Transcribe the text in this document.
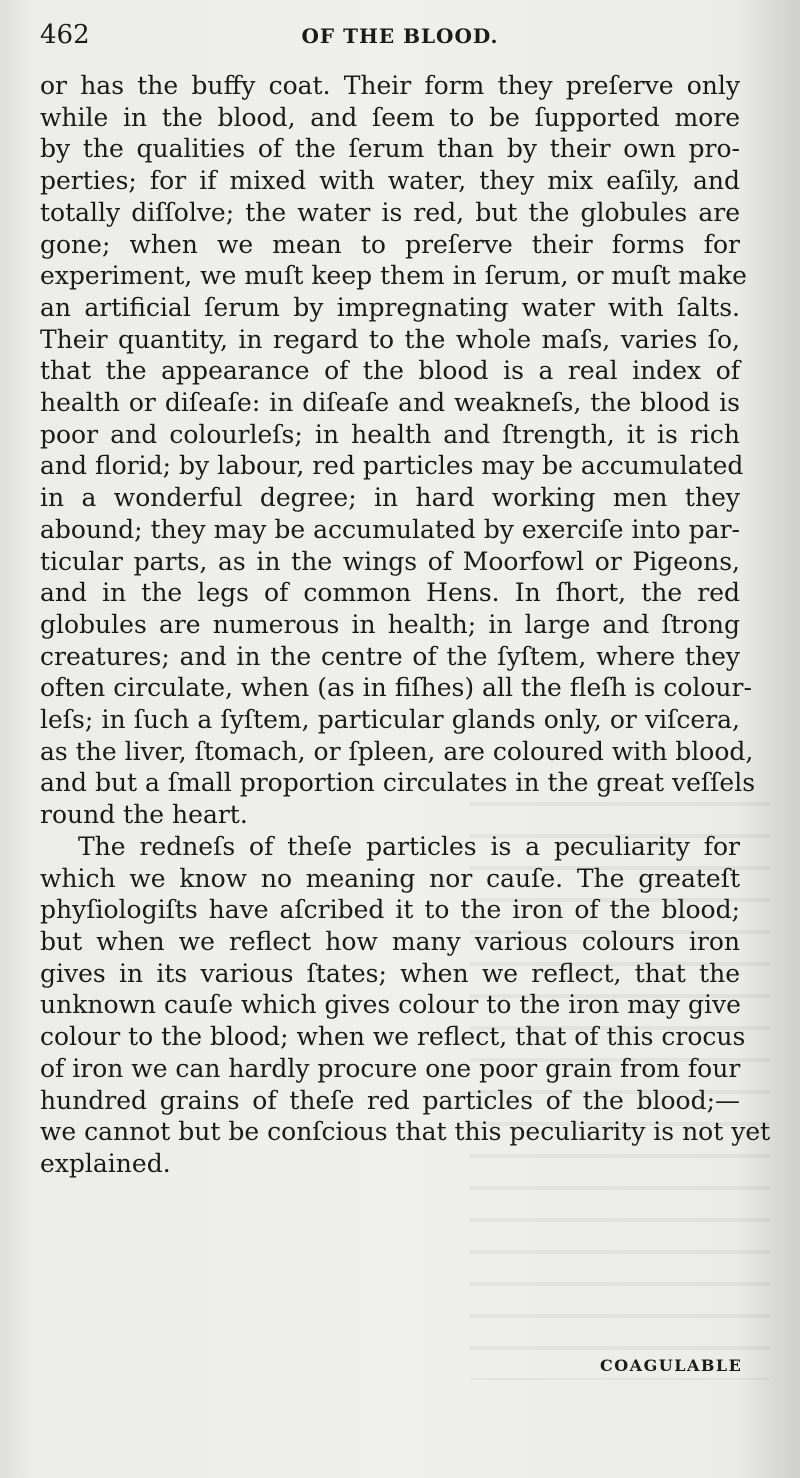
462	OF THE BLOOD.
or has the buffy coat. Their form they preſerve only
while in the blood, and ſeem to be ſupported more
by the qualities of the ſerum than by their own pro-
perties; for if mixed with water, they mix eaſily, and
totally diſſolve; the water is red, but the globules are
gone; when we mean to preſerve their forms for
experiment, we muſt keep them in ſerum, or muſt make
an artificial ſerum by impregnating water with ſalts.
Their quantity, in regard to the whole maſs, varies ſo,
that the appearance of the blood is a real index of
health or diſeaſe: in diſeaſe and weakneſs, the blood is
poor and colourleſs; in health and ſtrength, it is rich
and florid; by labour, red particles may be accumulated
in a wonderful degree; in hard working men they
abound; they may be accumulated by exerciſe into par-
ticular parts, as in the wings of Moorfowl or Pigeons,
and in the legs of common Hens. In ſhort, the red
globules are numerous in health; in large and ſtrong
creatures; and in the centre of the ſyſtem, where they
often circulate, when (as in fiſhes) all the fleſh is colour-
leſs; in ſuch a ſyſtem, particular glands only, or viſcera,
as the liver, ſtomach, or ſpleen, are coloured with blood,
and but a ſmall proportion circulates in the great veſſels
round the heart.
The redneſs of theſe particles is a peculiarity for
which we know no meaning nor cauſe. The greateſt
phyſiologiſts have aſcribed it to the iron of the blood;
but when we reflect how many various colours iron
gives in its various ſtates; when we reflect, that the
unknown cauſe which gives colour to the iron may give
colour to the blood; when we reflect, that of this crocus
of iron we can hardly procure one poor grain from four
hundred grains of theſe red particles of the blood;—
we cannot but be conſcious that this peculiarity is not yet
explained.
COAGULABLE
